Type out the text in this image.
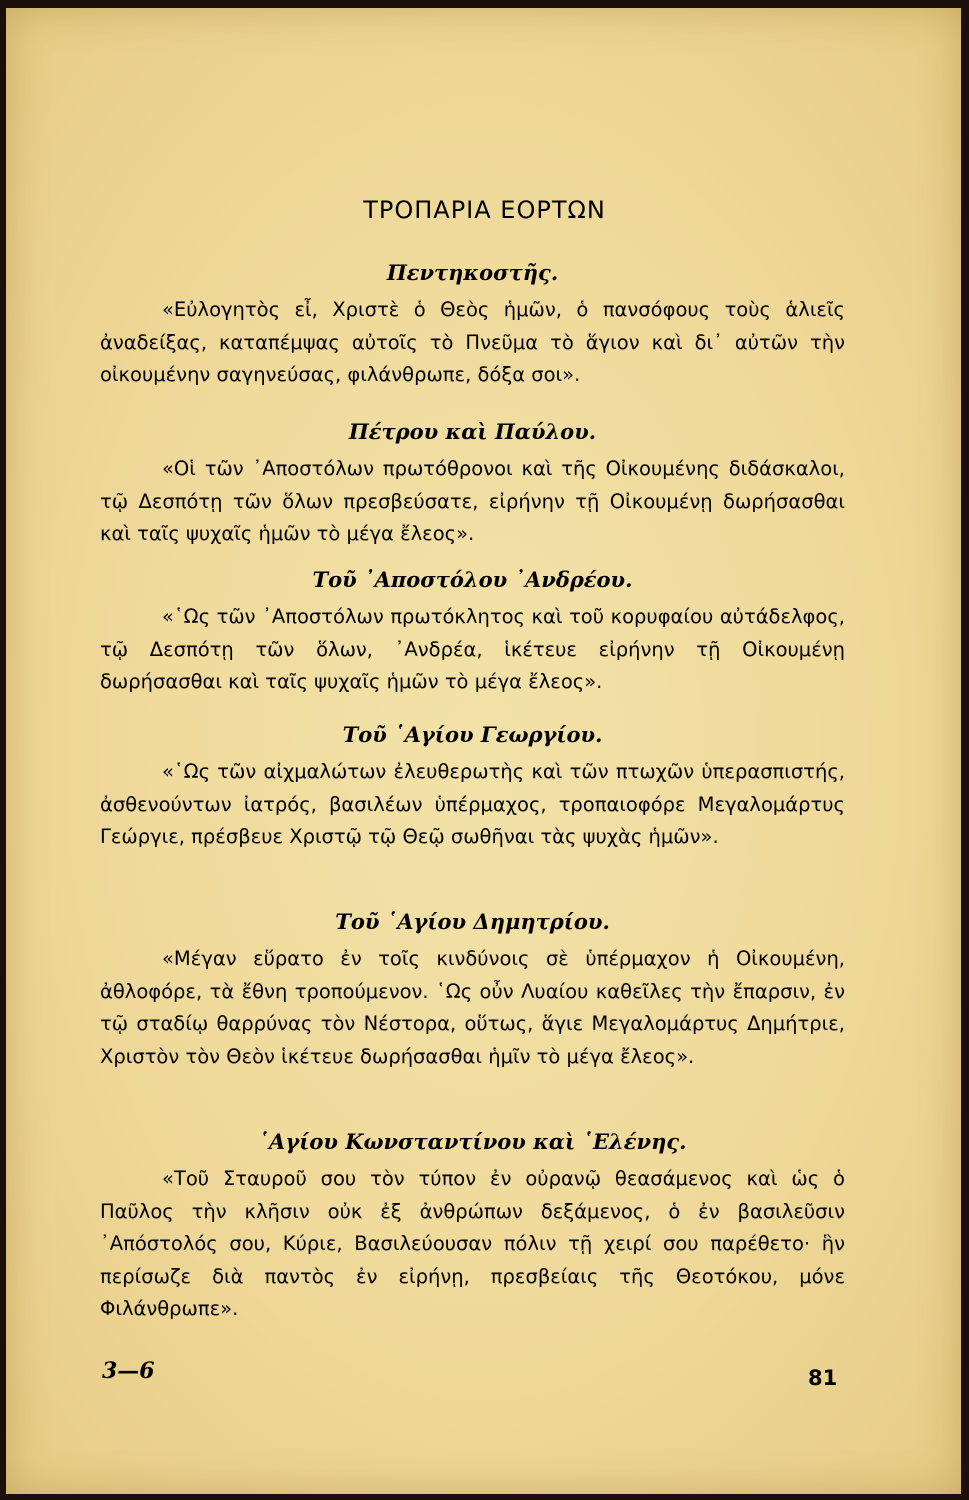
ΤΡΟΠΑΡΙΑ ΕΟΡΤΩΝ
Πεντηκοστῆς.

«Εὐλογητὸς εἶ, Χριστὲ ὁ Θεὸς ἡμῶν, ὁ πανσόφους τοὺς ἁλιεῖς ἀναδείξας, καταπέμψας αὐτοῖς τὸ Πνεῦμα τὸ ἅγιον καὶ δι᾿ αὐτῶν τὴν οἰκουμένην σαγηνεύσας, φιλάνθρωπε, δόξα σοι».

Πέτρου καὶ Παύλου.

«Οἱ τῶν ᾿Αποστόλων πρωτόθρονοι καὶ τῆς Οἰκουμένης διδάσκαλοι, τῷ Δεσπότῃ τῶν ὅλων πρεσβεύσατε, εἰρήνην τῇ Οἰκουμένῃ δωρήσασθαι καὶ ταῖς ψυχαῖς ἡμῶν τὸ μέγα ἔλεος».

Τοῦ ᾿Αποστόλου ᾿Ανδρέου.

«῾Ως τῶν ᾿Αποστόλων πρωτόκλητος καὶ τοῦ κορυφαίου αὐτάδελφος, τῷ Δεσπότῃ τῶν ὅλων, ᾿Ανδρέα, ἱκέτευε εἰρήνην τῇ Οἰκουμένῃ δωρήσασθαι καὶ ταῖς ψυχαῖς ἡμῶν τὸ μέγα ἔλεος».

Τοῦ ῾Αγίου Γεωργίου.

«῾Ως τῶν αἰχμαλώτων ἐλευθερωτὴς καὶ τῶν πτωχῶν ὑπερασπιστής, ἀσθενούντων ἰατρός, βασιλέων ὑπέρμαχος, τροπαιοφόρε Μεγαλομάρτυς Γεώργιε, πρέσβευε Χριστῷ τῷ Θεῷ σωθῆναι τὰς ψυχὰς ἡμῶν».

Τοῦ ῾Αγίου Δημητρίου.

«Μέγαν εὕρατο ἐν τοῖς κινδύνοις σὲ ὑπέρμαχον ἡ Οἰκουμένη, ἀθλοφόρε, τὰ ἔθνη τροπούμενον. ῾Ως οὖν Λυαίου καθεῖλες τὴν ἔπαρσιν, ἐν τῷ σταδίῳ θαρρύνας τὸν Νέστορα, οὕτως, ἅγιε Μεγαλομάρτυς Δημήτριε, Χριστὸν τὸν Θεὸν ἱκέτευε δωρήσασθαι ἡμῖν τὸ μέγα ἔλεος».

῾Αγίου Κωνσταντίνου καὶ ῾Ελένης.

«Τοῦ Σταυροῦ σου τὸν τύπον ἐν οὐρανῷ θεασάμενος καὶ ὡς ὁ Παῦλος τὴν κλῆσιν οὐκ ἐξ ἀνθρώπων δεξάμενος, ὁ ἐν βασιλεῦσιν ᾿Απόστολός σου, Κύριε, Βασιλεύουσαν πόλιν τῇ χειρί σου παρέθετο· ἣν περίσωζε διὰ παντὸς ἐν εἰρήνῃ, πρεσβείαις τῆς Θεοτόκου, μόνε Φιλάνθρωπε».

3—6	81
